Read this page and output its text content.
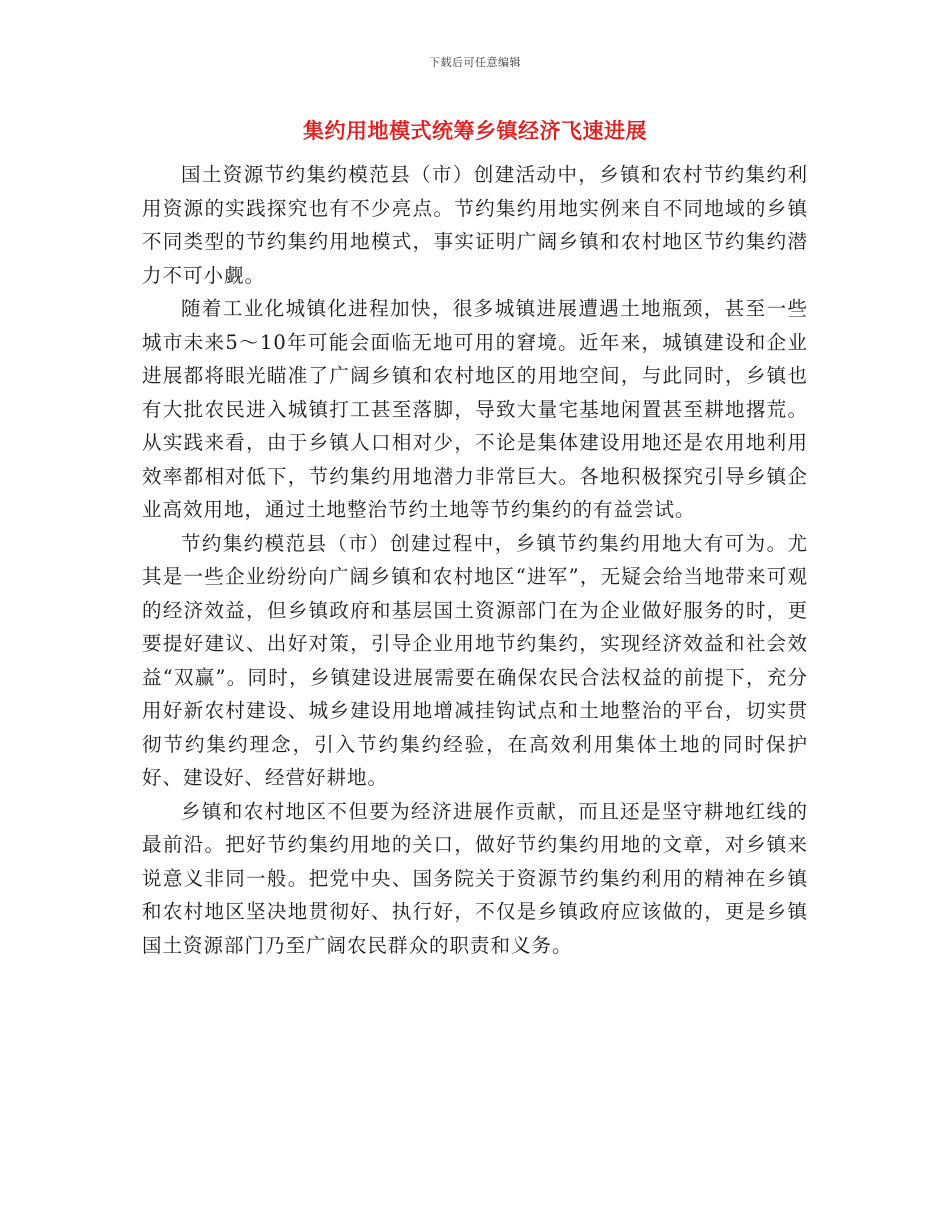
下载后可任意编辑
集约用地模式统筹乡镇经济飞速进展

国土资源节约集约模范县（市）创建活动中，乡镇和农村节约集约利用资源的实践探究也有不少亮点。节约集约用地实例来自不同地域的乡镇不同类型的节约集约用地模式，事实证明广阔乡镇和农村地区节约集约潜力不可小觑。

随着工业化城镇化进程加快，很多城镇进展遭遇土地瓶颈，甚至一些城市未来5～10年可能会面临无地可用的窘境。近年来，城镇建设和企业进展都将眼光瞄准了广阔乡镇和农村地区的用地空间，与此同时，乡镇也有大批农民进入城镇打工甚至落脚，导致大量宅基地闲置甚至耕地撂荒。从实践来看，由于乡镇人口相对少，不论是集体建设用地还是农用地利用效率都相对低下，节约集约用地潜力非常巨大。各地积极探究引导乡镇企业高效用地，通过土地整治节约土地等节约集约的有益尝试。

节约集约模范县（市）创建过程中，乡镇节约集约用地大有可为。尤其是一些企业纷纷向广阔乡镇和农村地区“进军”，无疑会给当地带来可观的经济效益，但乡镇政府和基层国土资源部门在为企业做好服务的时，更要提好建议、出好对策，引导企业用地节约集约，实现经济效益和社会效益“双赢”。同时，乡镇建设进展需要在确保农民合法权益的前提下，充分用好新农村建设、城乡建设用地增减挂钩试点和土地整治的平台，切实贯彻节约集约理念，引入节约集约经验，在高效利用集体土地的同时保护好、建设好、经营好耕地。

乡镇和农村地区不但要为经济进展作贡献，而且还是坚守耕地红线的最前沿。把好节约集约用地的关口，做好节约集约用地的文章，对乡镇来说意义非同一般。把党中央、国务院关于资源节约集约利用的精神在乡镇和农村地区坚决地贯彻好、执行好，不仅是乡镇政府应该做的，更是乡镇国土资源部门乃至广阔农民群众的职责和义务。
